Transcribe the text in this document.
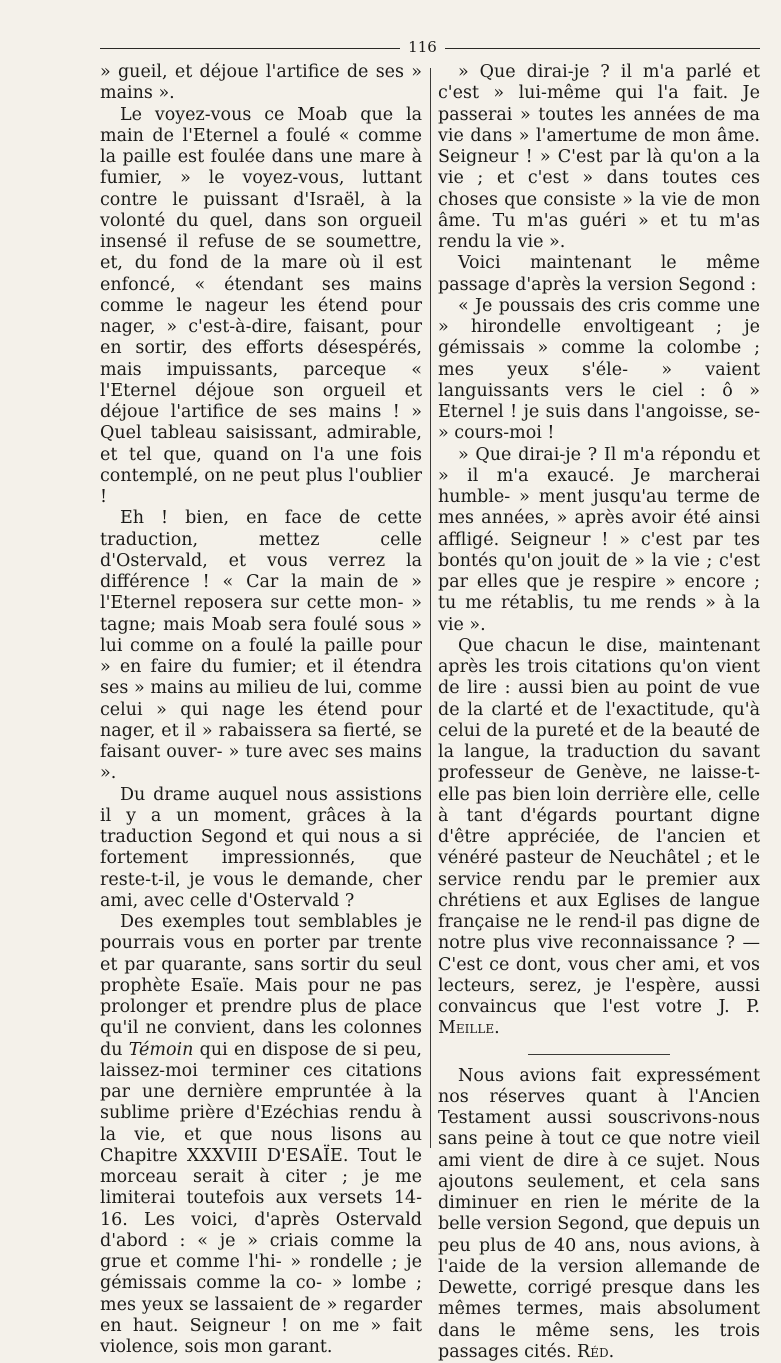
116

» gueil, et déjoue l'artifice de ses » mains ».

Le voyez-vous ce Moab que la main de l'Eternel a foulé « comme la paille est foulée dans une mare à fumier, » le voyez-vous, luttant contre le puissant d'Israël, à la volonté du quel, dans son orgueil insensé il refuse de se soumettre, et, du fond de la mare où il est enfoncé, « étendant ses mains comme le nageur les étend pour nager, » c'est-à-dire, faisant, pour en sortir, des efforts désespérés, mais impuissants, parceque « l'Eternel déjoue son orgueil et déjoue l'artifice de ses mains ! » Quel tableau saisissant, admirable, et tel que, quand on l'a une fois contemplé, on ne peut plus l'oublier !

Eh ! bien, en face de cette traduction, mettez celle d'Ostervald, et vous verrez la différence ! « Car la main de » l'Eternel reposera sur cette mon- » tagne; mais Moab sera foulé sous » lui comme on a foulé la paille pour » en faire du fumier; et il étendra ses » mains au milieu de lui, comme celui » qui nage les étend pour nager, et il » rabaissera sa fierté, se faisant ouver- » ture avec ses mains ».

Du drame auquel nous assistions il y a un moment, grâces à la traduction Segond et qui nous a si fortement impressionnés, que reste-t-il, je vous le demande, cher ami, avec celle d'Ostervald ?

Des exemples tout semblables je pourrais vous en porter par trente et par quarante, sans sortir du seul prophète Esaïe. Mais pour ne pas prolonger et prendre plus de place qu'il ne convient, dans les colonnes du Témoin qui en dispose de si peu, laissez-moi terminer ces citations par une dernière empruntée à la sublime prière d'Ezéchias rendu à la vie, et que nous lisons au Chapitre XXXVIII D'ESAÏE. Tout le morceau serait à citer ; je me limiterai toutefois aux versets 14-16. Les voici, d'après Ostervald d'abord : « je » criais comme la grue et comme l'hi- » rondelle ; je gémissais comme la co- » lombe ; mes yeux se lassaient de » regarder en haut. Seigneur ! on me » fait violence, sois mon garant.

» Que dirai-je ? il m'a parlé et c'est » lui-même qui l'a fait. Je passerai » toutes les années de ma vie dans » l'amertume de mon âme. Seigneur ! » C'est par là qu'on a la vie ; et c'est » dans toutes ces choses que consiste » la vie de mon âme. Tu m'as guéri » et tu m'as rendu la vie ».

Voici maintenant le même passage d'après la version Segond :

« Je poussais des cris comme une » hirondelle envoltigeant ; je gémissais » comme la colombe ; mes yeux s'éle- » vaient languissants vers le ciel : ô » Eternel ! je suis dans l'angoisse, se- » cours-moi !

» Que dirai-je ? Il m'a répondu et » il m'a exaucé. Je marcherai humble- » ment jusqu'au terme de mes années, » après avoir été ainsi affligé. Seigneur ! » c'est par tes bontés qu'on jouit de » la vie ; c'est par elles que je respire » encore ; tu me rétablis, tu me rends » à la vie ».

Que chacun le dise, maintenant après les trois citations qu'on vient de lire : aussi bien au point de vue de la clarté et de l'exactitude, qu'à celui de la pureté et de la beauté de la langue, la traduction du savant professeur de Genève, ne laisse-t-elle pas bien loin derrière elle, celle à tant d'égards pourtant digne d'être appréciée, de l'ancien et vénéré pasteur de Neuchâtel ; et le service rendu par le premier aux chrétiens et aux Eglises de langue française ne le rend-il pas digne de notre plus vive reconnaissance ? — C'est ce dont, vous cher ami, et vos lecteurs, serez, je l'espère, aussi convaincus que l'est votre J. P. Meille.

Nous avions fait expressément nos réserves quant à l'Ancien Testament aussi souscrivons-nous sans peine à tout ce que notre vieil ami vient de dire à ce sujet. Nous ajoutons seulement, et cela sans diminuer en rien le mérite de la belle version Segond, que depuis un peu plus de 40 ans, nous avions, à l'aide de la version allemande de Dewette, corrigé presque dans les mêmes termes, mais absolument dans le même sens, les trois passages cités. Réd.
